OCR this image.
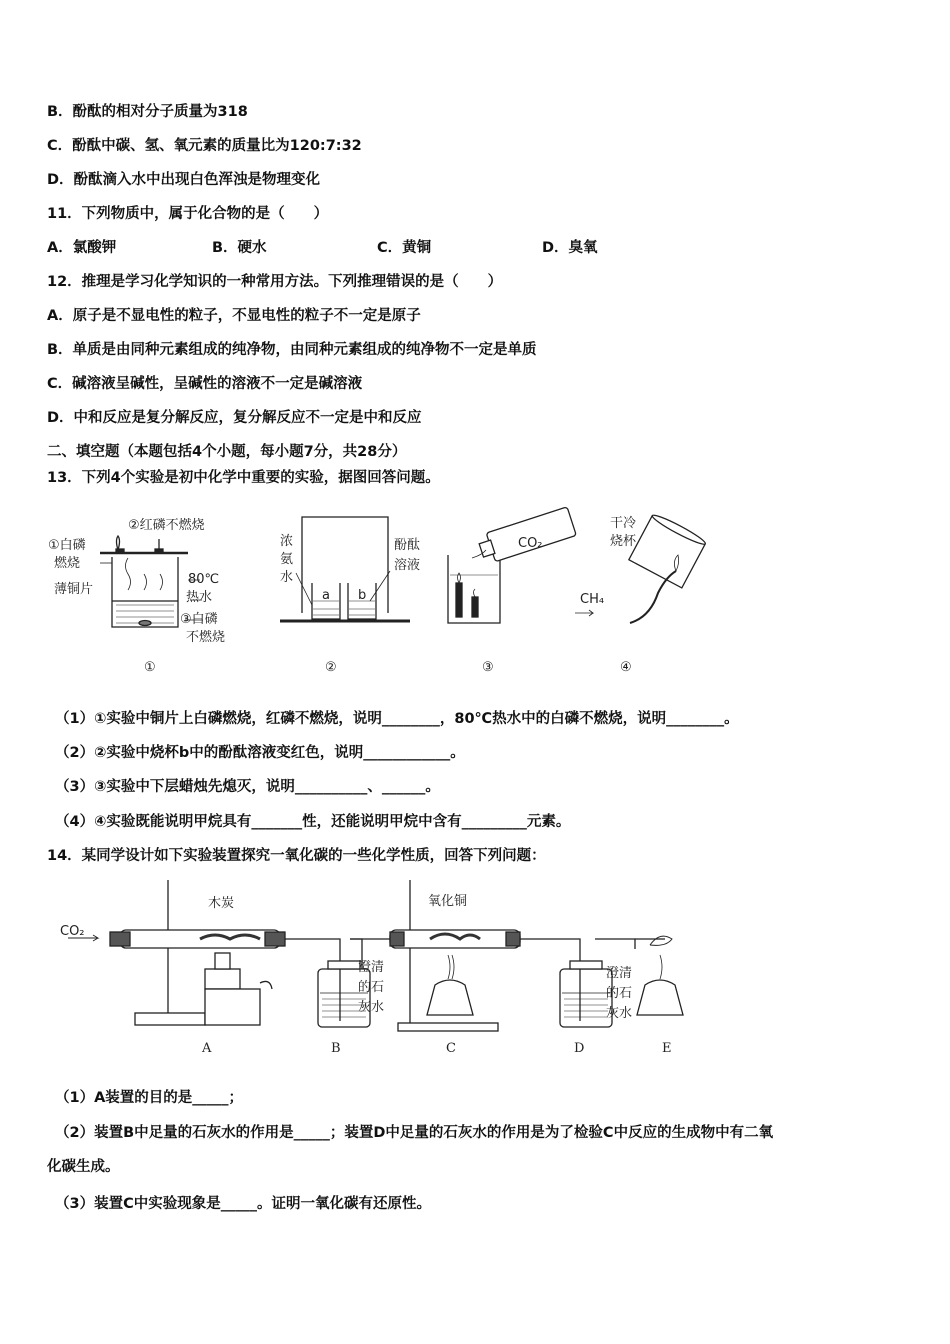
B．酚酞的相对分子质量为318
C．酚酞中碳、氢、氧元素的质量比为120:7:32
D．酚酞滴入水中出现白色浑浊是物理变化
11．下列物质中，属于化合物的是（　　）
A．氯酸钾	B．硬水	C．黄铜	D．臭氧
12．推理是学习化学知识的一种常用方法。下列推理错误的是（　　）
A．原子是不显电性的粒子，不显电性的粒子不一定是原子
B．单质是由同种元素组成的纯净物，由同种元素组成的纯净物不一定是单质
C．碱溶液呈碱性，呈碱性的溶液不一定是碱溶液
D．中和反应是复分解反应，复分解反应不一定是中和反应
二、填空题（本题包括4个小题，每小题7分，共28分）
13．下列4个实验是初中化学中重要的实验，据图回答问题。
②红磷不燃烧
①白磷
燃烧
薄铜片
80℃
热水
③白磷
不燃烧
浓
氨
水
酚酞
溶液
a b
CO₂
干冷
烧杯
CH₄
①	②	③	④
（1）①实验中铜片上白磷燃烧，红磷不燃烧，说明________，80℃热水中的白磷不燃烧，说明________。
（2）②实验中烧杯b中的酚酞溶液变红色，说明____________。
（3）③实验中下层蜡烛先熄灭，说明__________、______。
（4）④实验既能说明甲烷具有_______性，还能说明甲烷中含有_________元素。
14．某同学设计如下实验装置探究一氧化碳的一些化学性质，回答下列问题：
CO₂
木炭	氧化铜
澄清
的石
灰水
澄清
的石
灰水
A	B	C	D	E
（1）A装置的目的是_____；
（2）装置B中足量的石灰水的作用是_____；装置D中足量的石灰水的作用是为了检验C中反应的生成物中有二氧
化碳生成。
（3）装置C中实验现象是_____。证明一氧化碳有还原性。
